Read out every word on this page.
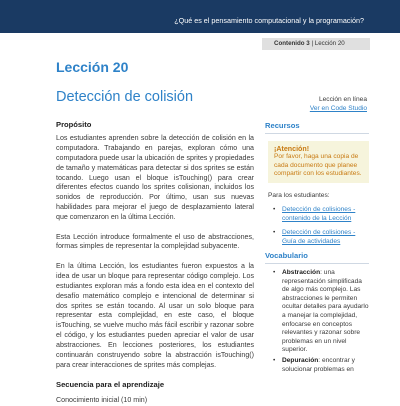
¿Qué es el pensamiento computacional y la programación?
Contenido 3 | Lección 20
Lección 20
Detección de colisión
Propósito

Los estudiantes aprenden sobre la detección de colisión en la computadora. Trabajando en parejas, exploran cómo una computadora puede usar la ubicación de sprites y propiedades de tamaño y matemáticas para detectar si dos sprites se están tocando. Luego usan el bloque isTouching() para crear diferentes efectos cuando los sprites colisionan, incluidos los sonidos de reproducción. Por último, usan sus nuevas habilidades para mejorar el juego de desplazamiento lateral que comenzaron en la última Lección.

Esta Lección introduce formalmente el uso de abstracciones, formas simples de representar la complejidad subyacente.

En la última Lección, los estudiantes fueron expuestos a la idea de usar un bloque para representar código complejo. Los estudiantes exploran más a fondo esta idea en el contexto del desafío matemático complejo e intencional de determinar si dos sprites se están tocando. Al usar un solo bloque para representar esta complejidad, en este caso, el bloque isTouching, se vuelve mucho más fácil escribir y razonar sobre el código, y los estudiantes pueden apreciar el valor de usar abstracciones. En lecciones posteriores, los estudiantes continuarán construyendo sobre la abstracción isTouching() para crear interacciones de sprites más complejas.

Secuencia para el aprendizaje
Conocimiento inicial (10 min)
Lección en línea
Ver en Code Studio
Recursos
¡Atención!
Por favor, haga una copia de cada documento que planee compartir con los estudiantes.
Para los estudiantes:
• Detección de colisiones - contenido de la Lección
• Detección de colisiones - Guía de actividades
Vocabulario
• Abstracción: una representación simplificada de algo más complejo. Las abstracciones le permiten ocultar detalles para ayudarlo a manejar la complejidad, enfocarse en conceptos relevantes y razonar sobre problemas en un nivel superior.
• Depuración: encontrar y solucionar problemas en
